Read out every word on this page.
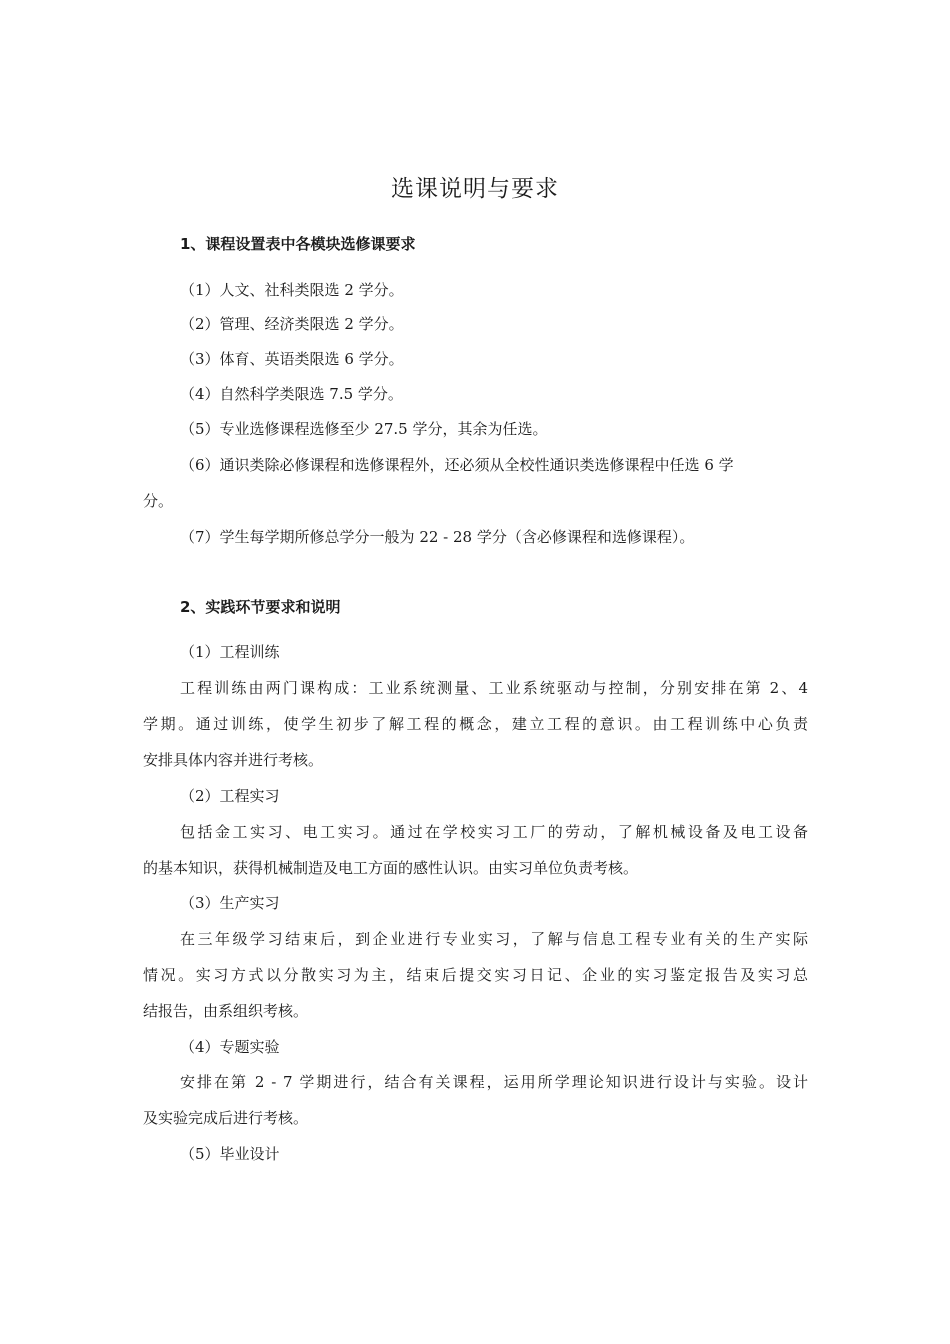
选课说明与要求
1、课程设置表中各模块选修课要求
（1）人文、社科类限选 2 学分。
（2）管理、经济类限选 2 学分。
（3）体育、英语类限选 6 学分。
（4）自然科学类限选 7.5 学分。
（5）专业选修课程选修至少 27.5 学分，其余为任选。
（6）通识类除必修课程和选修课程外，还必须从全校性通识类选修课程中任选 6 学
分。
（7）学生每学期所修总学分一般为 22 - 28 学分（含必修课程和选修课程）。
2、实践环节要求和说明
（1）工程训练
工程训练由两门课构成：工业系统测量、工业系统驱动与控制，分别安排在第 2、4
学期。通过训练，使学生初步了解工程的概念，建立工程的意识。由工程训练中心负责
安排具体内容并进行考核。
（2）工程实习
包括金工实习、电工实习。通过在学校实习工厂的劳动，了解机械设备及电工设备
的基本知识，获得机械制造及电工方面的感性认识。由实习单位负责考核。
（3）生产实习
在三年级学习结束后，到企业进行专业实习，了解与信息工程专业有关的生产实际
情况。实习方式以分散实习为主，结束后提交实习日记、企业的实习鉴定报告及实习总
结报告，由系组织考核。
（4）专题实验
安排在第 2 - 7 学期进行，结合有关课程，运用所学理论知识进行设计与实验。设计
及实验完成后进行考核。
（5）毕业设计
